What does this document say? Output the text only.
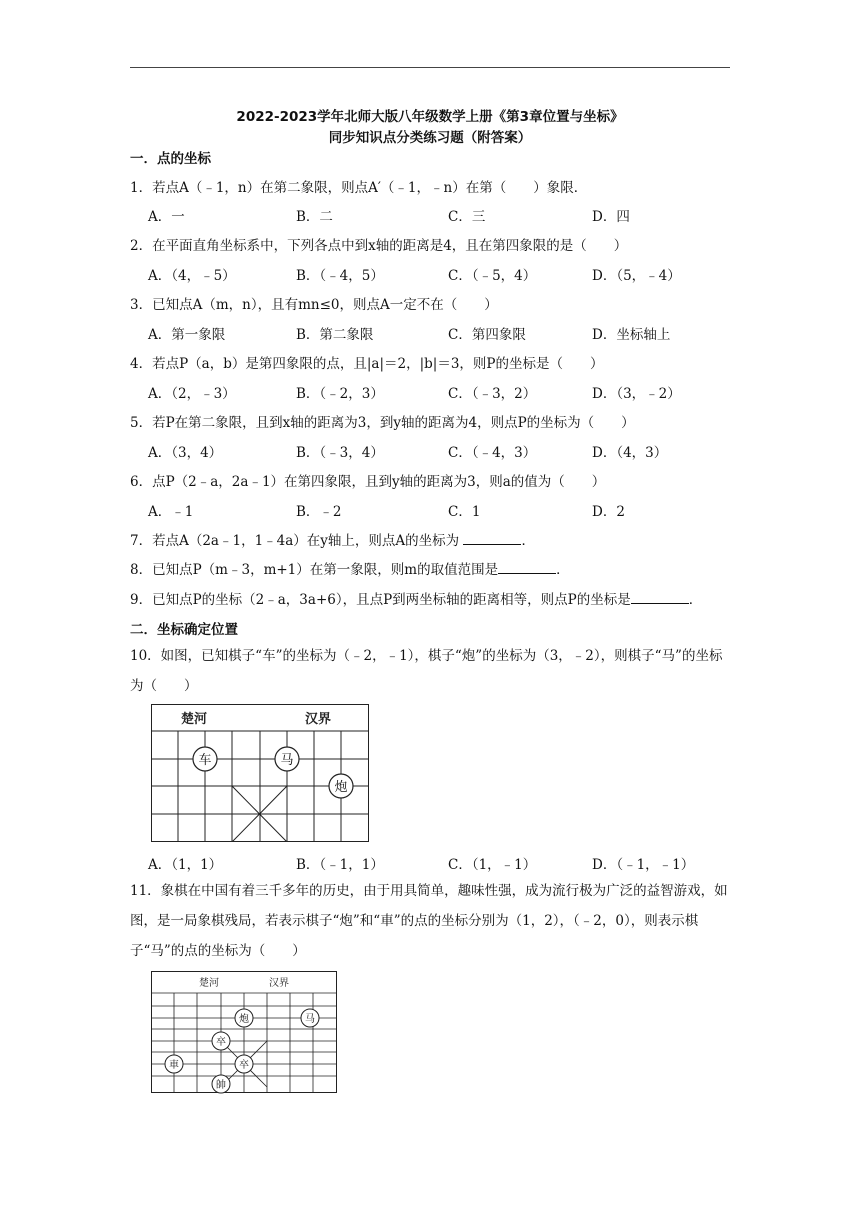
2022-2023学年北师大版八年级数学上册《第3章位置与坐标》
同步知识点分类练习题（附答案）
一．点的坐标
1．若点A（﹣1，n）在第二象限，则点A′（﹣1，﹣n）在第（　　）象限．
A．一	B．二	C．三	D．四
2．在平面直角坐标系中，下列各点中到x轴的距离是4，且在第四象限的是（　　）
A．（4，﹣5）	B．（﹣4，5）	C．（﹣5，4）	D．（5，﹣4）
3．已知点A（m，n），且有mn≤0，则点A一定不在（　　）
A．第一象限	B．第二象限	C．第四象限	D．坐标轴上
4．若点P（a，b）是第四象限的点，且|a|＝2，|b|＝3，则P的坐标是（　　）
A．（2，﹣3）	B．（﹣2，3）	C．（﹣3，2）	D．（3，﹣2）
5．若P在第二象限，且到x轴的距离为3，到y轴的距离为4，则点P的坐标为（　　）
A．（3，4）	B．（﹣3，4）	C．（﹣4，3）	D．（4，3）
6．点P（2﹣a，2a﹣1）在第四象限，且到y轴的距离为3，则a的值为（　　）
A．﹣1	B．﹣2	C．1	D．2
7．若点A（2a﹣1，1﹣4a）在y轴上，则点A的坐标为	．
8．已知点P（m﹣3，m+1）在第一象限，则m的取值范围是	．
9．已知点P的坐标（2﹣a，3a+6），且点P到两坐标轴的距离相等，则点P的坐标是	．
二．坐标确定位置
10．如图，已知棋子“车”的坐标为（﹣2，﹣1），棋子“炮”的坐标为（3，﹣2），则棋子“马”的坐标为（　　）
楚河	汉界
车	马
炮
A．（1，1）	B．（﹣1，1）	C．（1，﹣1）	D．（﹣1，﹣1）
11．象棋在中国有着三千多年的历史，由于用具简单，趣味性强，成为流行极为广泛的益智游戏，如图，是一局象棋残局，若表示棋子“炮”和“車”的点的坐标分别为（1，2），（﹣2，0），则表示棋子“马”的点的坐标为（　　）
楚河	汉界
炮	马
卒
卒
車
帥
